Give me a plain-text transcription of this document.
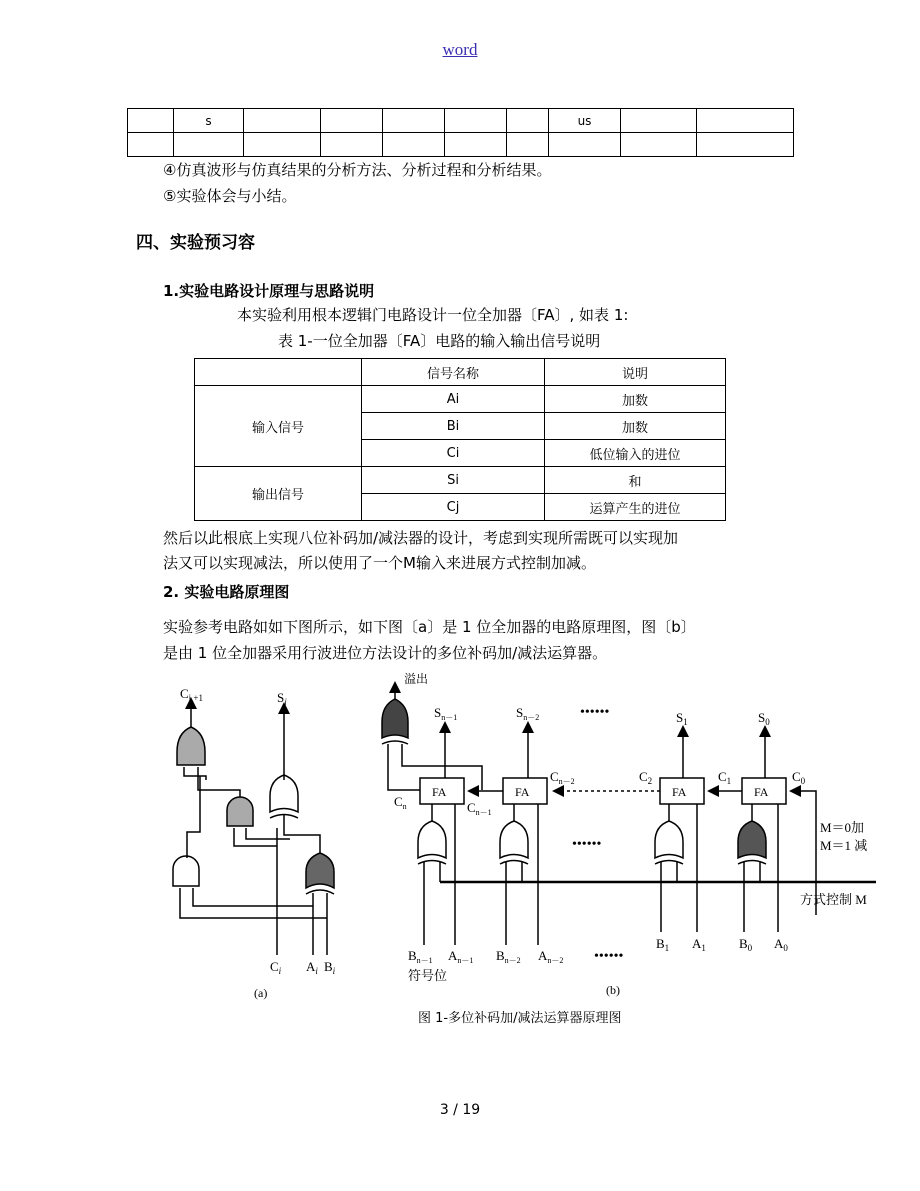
word
	s						us		

④仿真波形与仿真结果的分析方法、分析过程和分析结果。
⑤实验体会与小结。
四、实验预习容
1.实验电路设计原理与思路说明
本实验利用根本逻辑门电路设计一位全加器〔FA〕, 如表 1:
表 1-一位全加器〔FA〕电路的输入输出信号说明
	信号名称	说明
输入信号	Ai	加数
	Bi	加数
	Ci	低位输入的进位
输出信号	Si	和
	Cj	运算产生的进位
然后以此根底上实现八位补码加/减法器的设计，考虑到实现所需既可以实现加
法又可以实现减法，所以使用了一个M输入来进展方式控制加减。
2. 实验电路原理图
实验参考电路如如下图所示，如下图〔a〕是 1 位全加器的电路原理图，图〔b〕
是由 1 位全加器采用行波进位方法设计的多位补码加/减法运算器。
$C_{i +1}$	$S_i$
$C_i$ $A_i$ $B_i$
(a)
溢出
$S_{n-1}$	$S_{n-2}$	$S_1$	$S_0$
••••••
FA	FA	FA	FA
$C_n$	$C_{n-1}$
$C_{n-2}$	$C_2$	$C_1$	$C_0$
••••••
M＝0加
M＝1 减
方式控制 M
$B_{n-1}$ $A_{n-1}$ $B_{n-2}$ $A_{n-2}$ ••••••
$B_1$ $A_1$	$B_0$ $A_0$
符号位
(b)
图 1-多位补码加/减法运算器原理图
3 / 19
